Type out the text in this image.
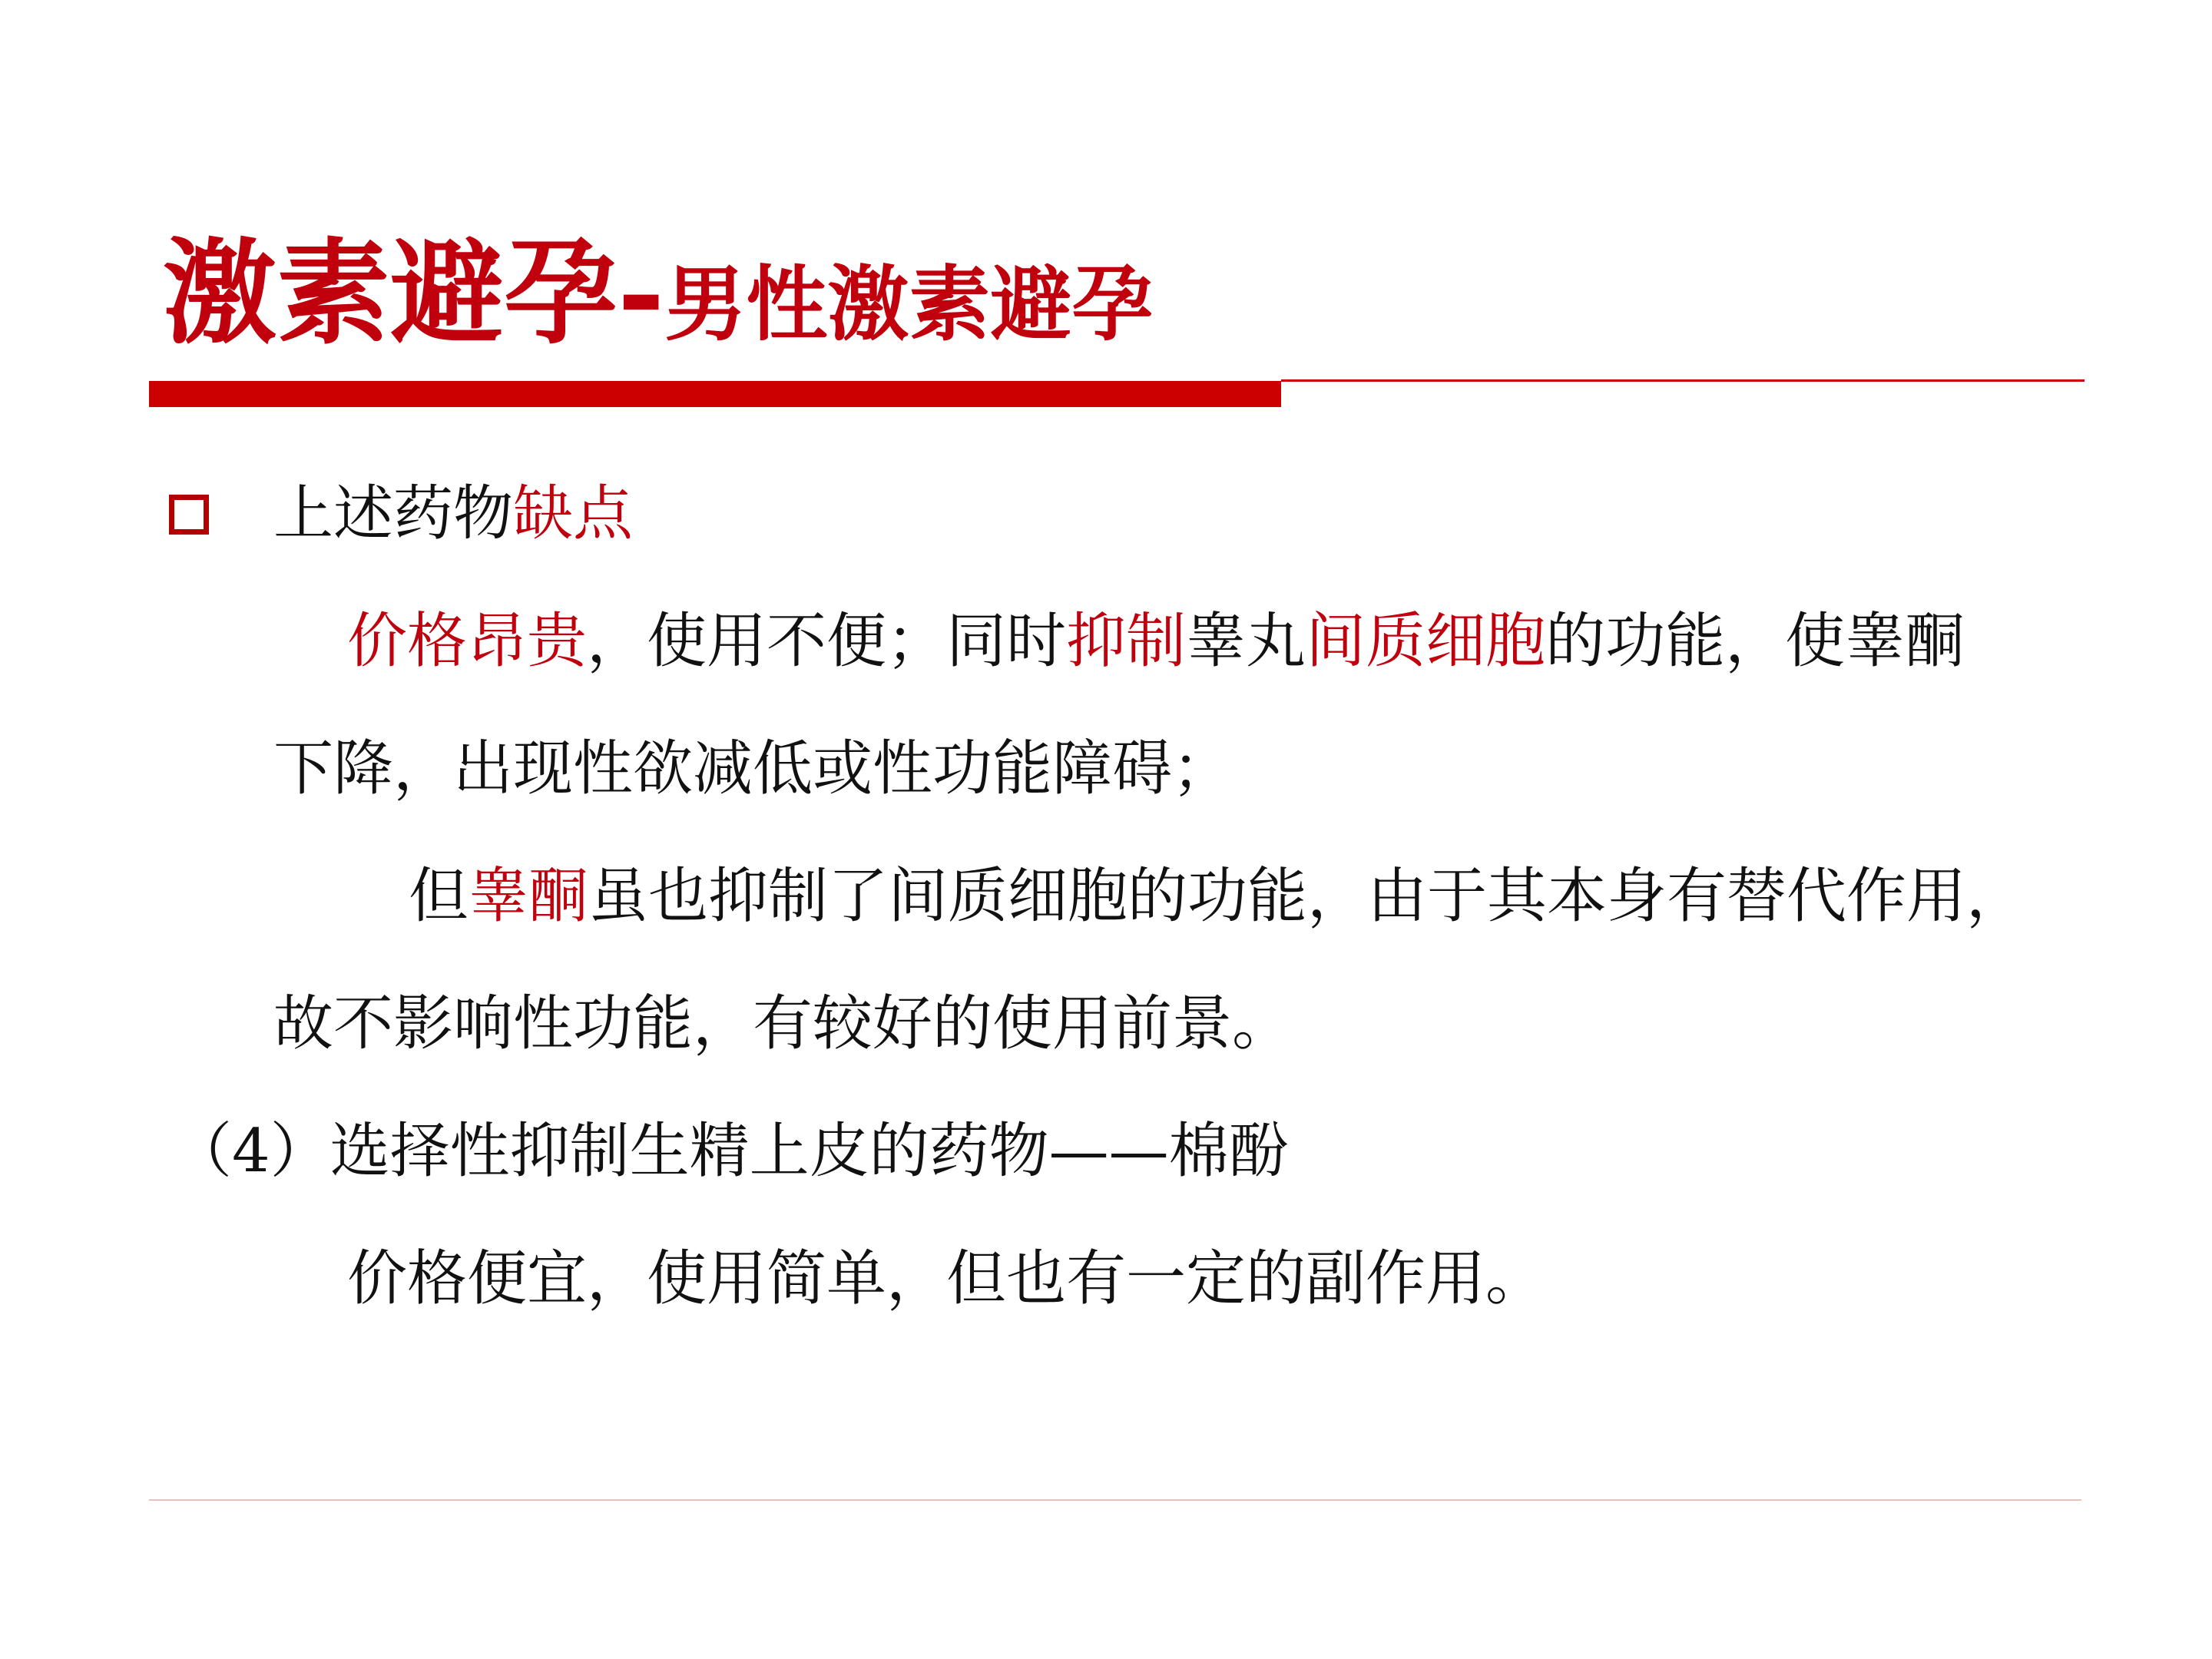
激素避孕-男性激素避孕

上述药物缺点

价格昂贵，使用不便；同时抑制睾丸间质细胞的功能，使睾酮

下降，出现性欲减低或性功能障碍；

但睾酮虽也抑制了间质细胞的功能，由于其本身有替代作用，

故不影响性功能，有较好的使用前景。

（4）选择性抑制生精上皮的药物——棉酚

价格便宜，使用简单，但也有一定的副作用。
